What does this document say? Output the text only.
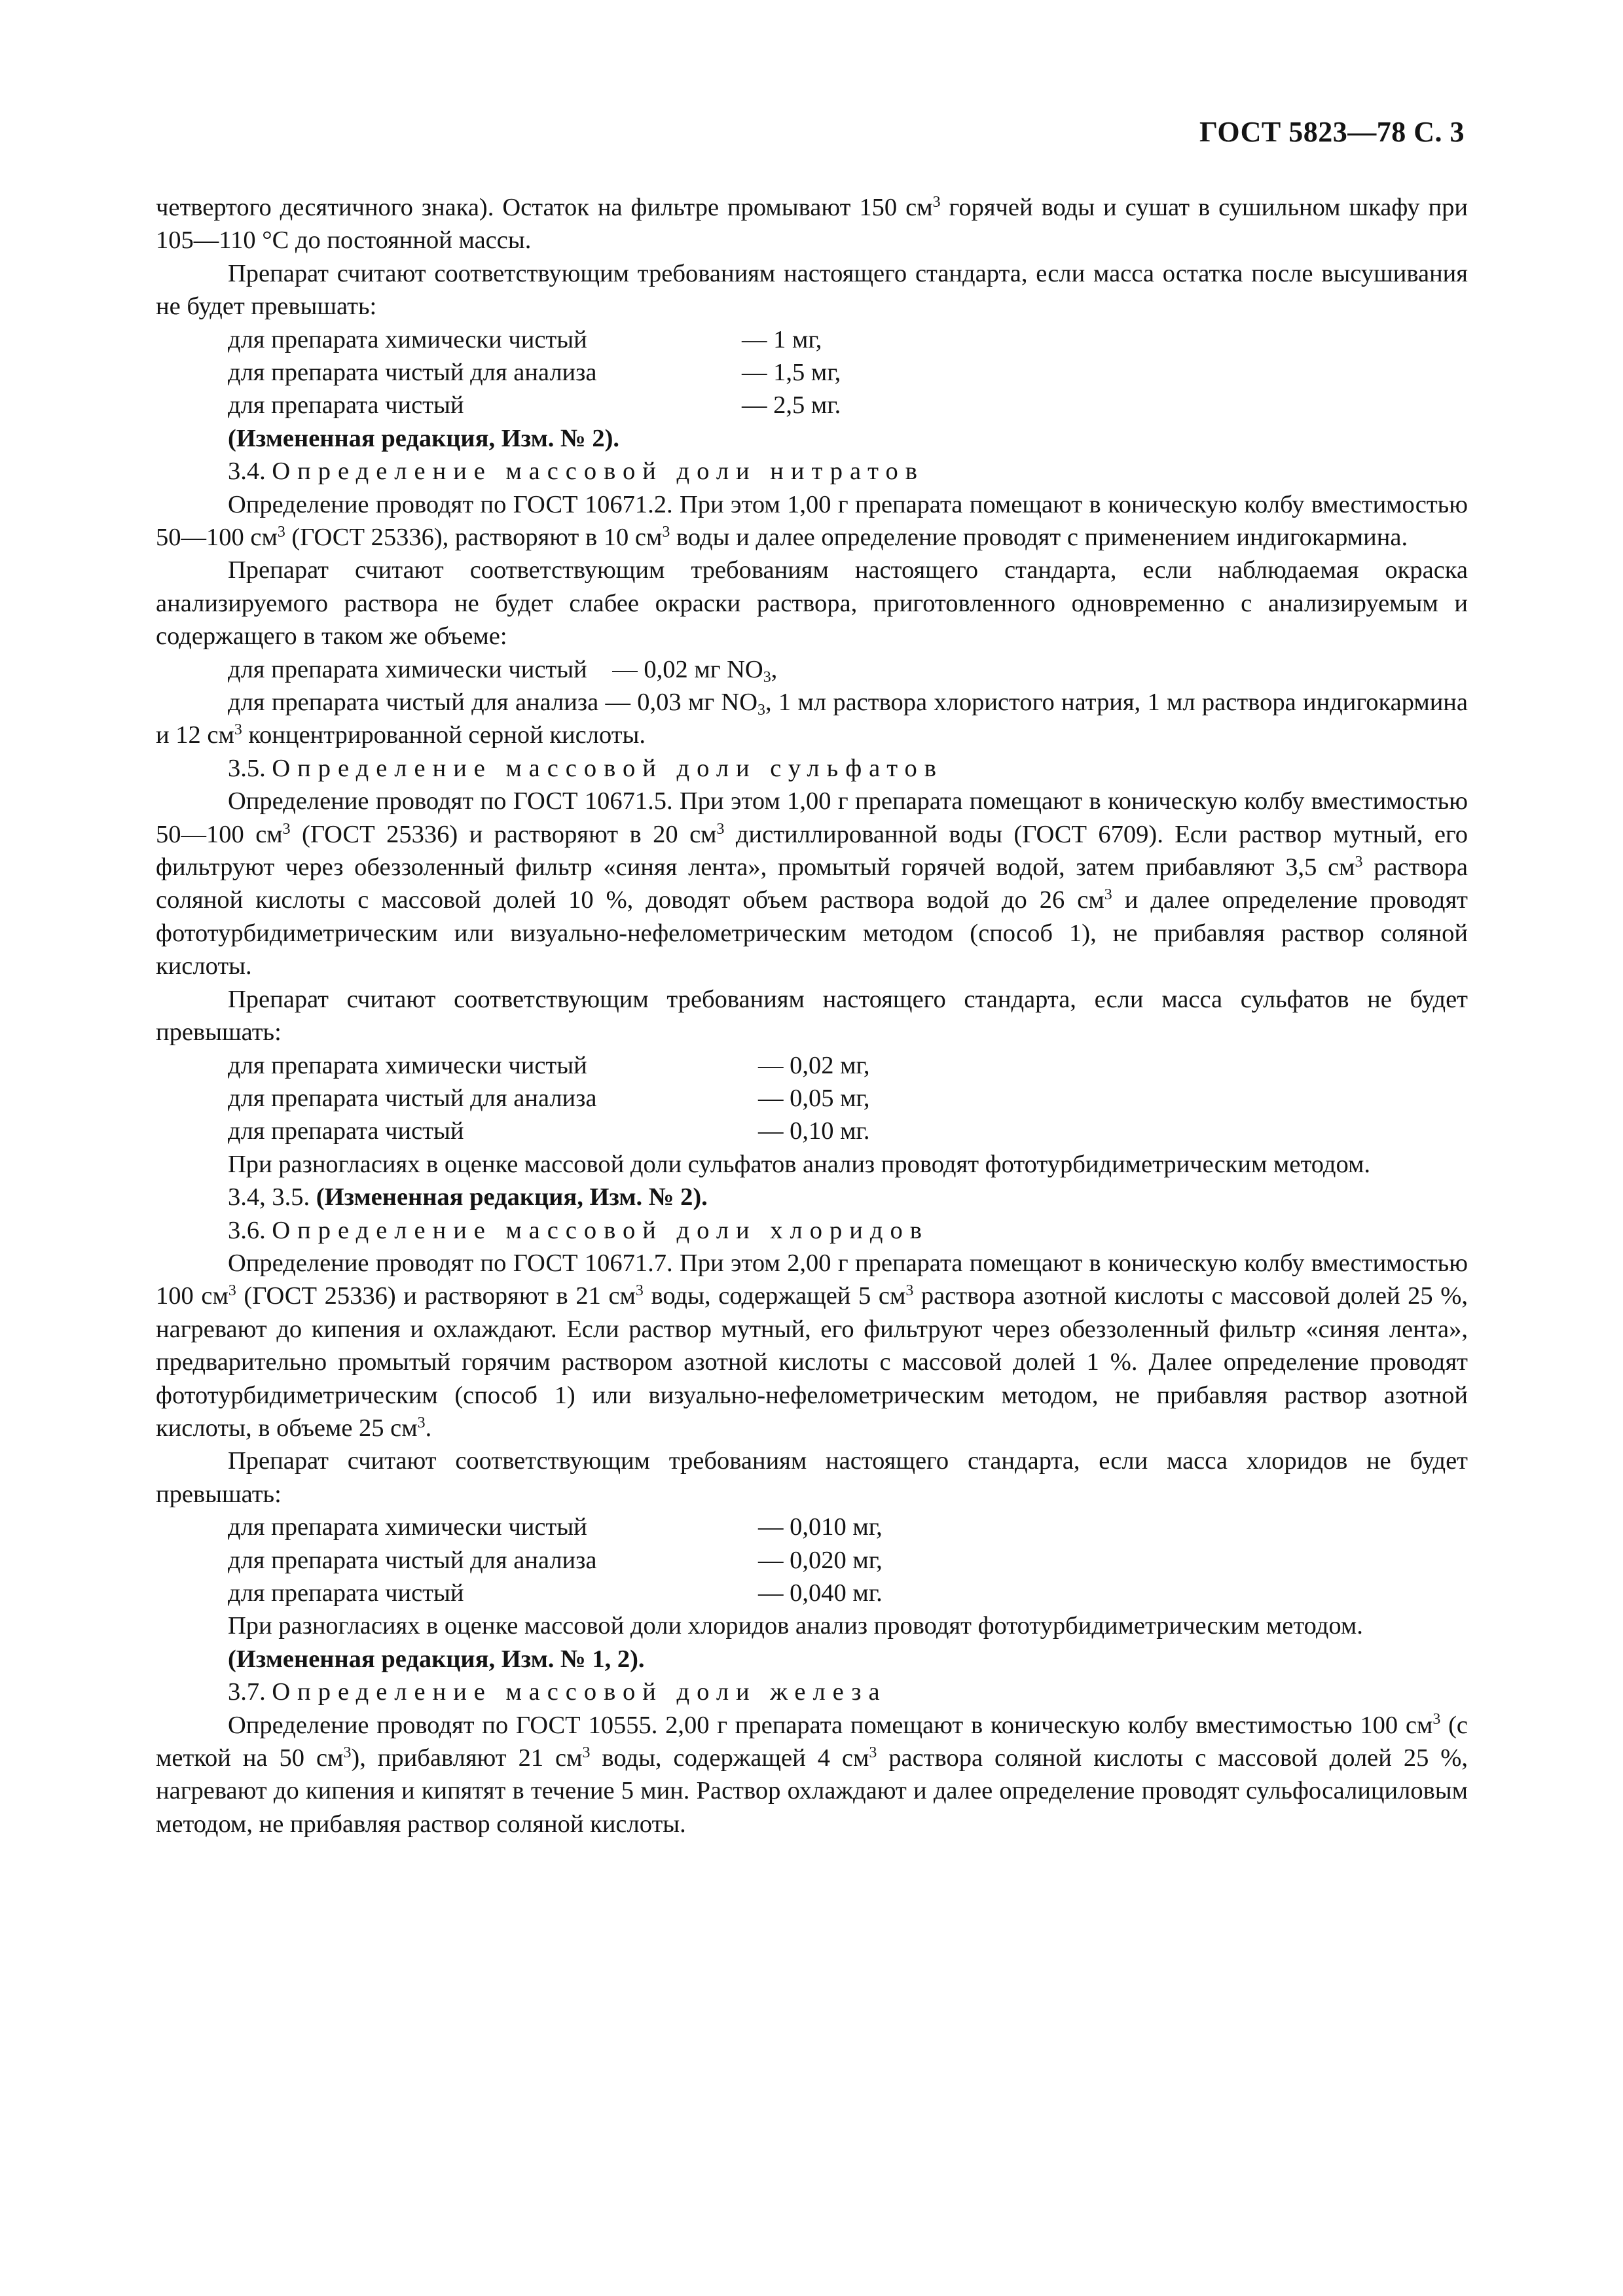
ГОСТ 5823—78 С. 3

четвертого десятичного знака). Остаток на фильтре промывают 150 $см^3$ горячей воды и сушат в сушильном шкафу при 105—110 °С до постоянной массы.

Препарат считают соответствующим требованиям настоящего стандарта, если масса остатка после высушивания не будет превышать:

для препарата химически чистый	— 1 мг,
для препарата чистый для анализа	— 1,5 мг,
для препарата чистый	— 2,5 мг.

(Измененная редакция, Изм. № 2).

3.4. Определение массовой доли нитратов

Определение проводят по ГОСТ 10671.2. При этом 1,00 г препарата помещают в коническую колбу вместимостью 50—100 $см^3$ (ГОСТ 25336), растворяют в 10 $см^3$ воды и далее определение проводят с применением индигокармина.

Препарат считают соответствующим требованиям настоящего стандарта, если наблюдаемая окраска анализируемого раствора не будет слабее окраски раствора, приготовленного одновременно с анализируемым и содержащего в таком же объеме:

для препарата химически чистый    — 0,02 мг $NO_3$,

для препарата чистый для анализа — 0,03 мг $NO_3$, 1 мл раствора хлористого натрия, 1 мл раствора индигокармина и 12 $см^3$ концентрированной серной кислоты.

3.5. Определение массовой доли сульфатов

Определение проводят по ГОСТ 10671.5. При этом 1,00 г препарата помещают в коническую колбу вместимостью 50—100 $см^3$ (ГОСТ 25336) и растворяют в 20 $см^3$ дистиллированной воды (ГОСТ 6709). Если раствор мутный, его фильтруют через обеззоленный фильтр «синяя лента», промытый горячей водой, затем прибавляют 3,5 $см^3$ раствора соляной кислоты с массовой долей 10 %, доводят объем раствора водой до 26 $см^3$ и далее определение проводят фототурбидиметрическим или визуально-нефелометрическим методом (способ 1), не прибавляя раствор соляной кислоты.

Препарат считают соответствующим требованиям настоящего стандарта, если масса сульфатов не будет превышать:

для препарата химически чистый	— 0,02 мг,
для препарата чистый для анализа	— 0,05 мг,
для препарата чистый	— 0,10 мг.

При разногласиях в оценке массовой доли сульфатов анализ проводят фототурбидиметрическим методом.

3.4, 3.5. (Измененная редакция, Изм. № 2).

3.6. Определение массовой доли хлоридов

Определение проводят по ГОСТ 10671.7. При этом 2,00 г препарата помещают в коническую колбу вместимостью 100 $см^3$ (ГОСТ 25336) и растворяют в 21 $см^3$ воды, содержащей 5 $см^3$ раствора азотной кислоты с массовой долей 25 %, нагревают до кипения и охлаждают. Если раствор мутный, его фильтруют через обеззоленный фильтр «синяя лента», предварительно промытый горячим раствором азотной кислоты с массовой долей 1 %. Далее определение проводят фототурбидиметрическим (способ 1) или визуально-нефелометрическим методом, не прибавляя раствор азотной кислоты, в объеме 25 $см^3$.

Препарат считают соответствующим требованиям настоящего стандарта, если масса хлоридов не будет превышать:

для препарата химически чистый	— 0,010 мг,
для препарата чистый для анализа	— 0,020 мг,
для препарата чистый	— 0,040 мг.

При разногласиях в оценке массовой доли хлоридов анализ проводят фототурбидиметрическим методом.

(Измененная редакция, Изм. № 1, 2).

3.7. Определение массовой доли железа

Определение проводят по ГОСТ 10555. 2,00 г препарата помещают в коническую колбу вместимостью 100 $см^3$ (с меткой на 50 $см^3$), прибавляют 21 $см^3$ воды, содержащей 4 $см^3$ раствора соляной кислоты с массовой долей 25 %, нагревают до кипения и кипятят в течение 5 мин. Раствор охлаждают и далее определение проводят сульфосалициловым методом, не прибавляя раствор соляной кислоты.
